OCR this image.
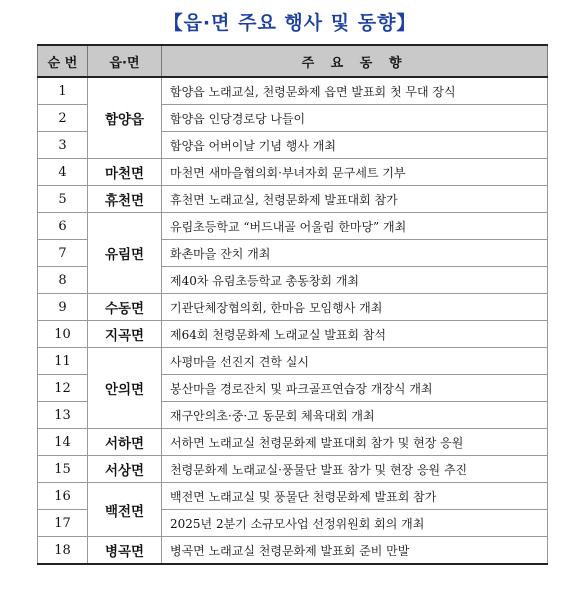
【읍·면 주요 행사 및 동향】
순 번	읍·면	주 요 동 향
1	함양읍	함양읍 노래교실, 천령문화제 읍면 발표회 첫 무대 장식
2		함양읍 인당경로당 나들이
3		함양읍 어버이날 기념 행사 개최
4	마천면	마천면 새마을협의회·부녀자회 문구세트 기부
5	휴천면	휴천면 노래교실, 천령문화제 발표대회 참가
6	유림면	유림초등학교 “버드내골 어울림 한마당” 개최
7		화촌마을 잔치 개최
8		제40차 유림초등학교 총동창회 개최
9	수동면	기관단체장협의회, 한마음 모임행사 개최
10	지곡면	제64회 천령문화제 노래교실 발표회 참석
11	안의면	사평마을 선진지 견학 실시
12		봉산마을 경로잔치 및 파크골프연습장 개장식 개최
13		재구안의초·중·고 동문회 체육대회 개최
14	서하면	서하면 노래교실 천령문화제 발표대회 참가 및 현장 응원
15	서상면	천령문화제 노래교실·풍물단 발표 참가 및 현장 응원 추진
16	백전면	백전면 노래교실 및 풍물단 천령문화제 발표회 참가
17		2025년 2분기 소규모사업 선정위원회 회의 개최
18	병곡면	병곡면 노래교실 천령문화제 발표회 준비 만발
